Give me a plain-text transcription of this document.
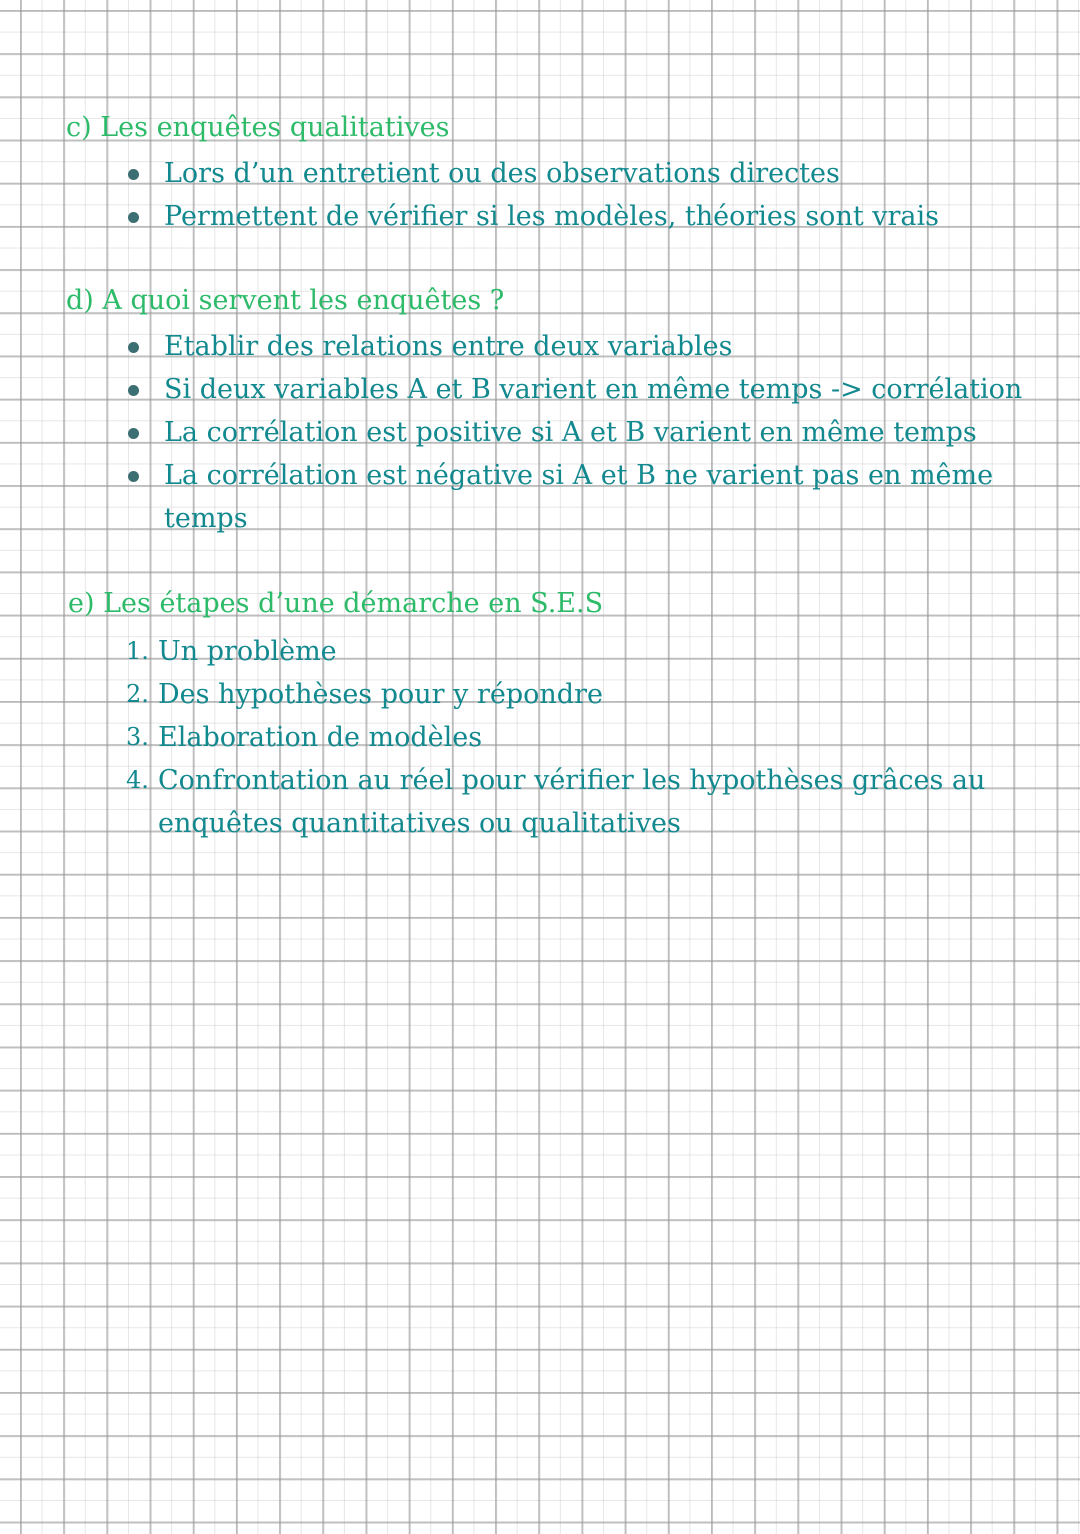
c) Les enquêtes qualitatives
Lors d’un entretient ou des observations directes
Permettent de vérifier si les modèles, théories sont vrais
d) A quoi servent les enquêtes ?
Etablir des relations entre deux variables
Si deux variables A et B varient en même temps -> corrélation
La corrélation est positive si A et B varient en même temps
La corrélation est négative si A et B ne varient pas en même temps
e) Les étapes d’une démarche en S.E.S
1. Un problème
2. Des hypothèses pour y répondre
3. Elaboration de modèles
4. Confrontation au réel pour vérifier les hypothèses grâces au enquêtes quantitatives ou qualitatives
